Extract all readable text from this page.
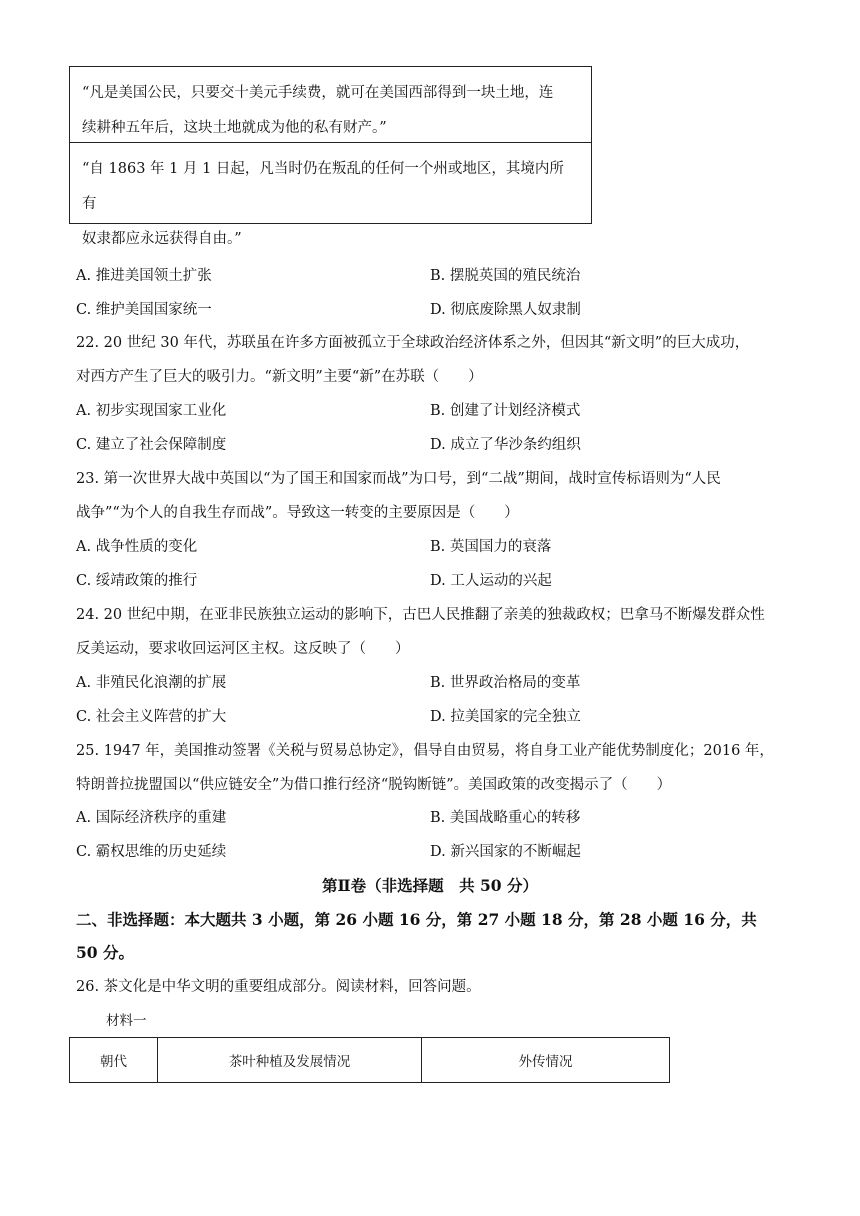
“凡是美国公民，只要交十美元手续费，就可在美国西部得到一块土地，连
续耕种五年后，这块土地就成为他的私有财产。”
“自 1863 年 1 月 1 日起，凡当时仍在叛乱的任何一个州或地区，其境内所有
奴隶都应永远获得自由。”
A. 推进美国领土扩张	B. 摆脱英国的殖民统治
C. 维护美国国家统一	D. 彻底废除黑人奴隶制
22. 20 世纪 30 年代，苏联虽在许多方面被孤立于全球政治经济体系之外，但因其“新文明”的巨大成功，
对西方产生了巨大的吸引力。“新文明”主要“新”在苏联（　　）
A. 初步实现国家工业化	B. 创建了计划经济模式
C. 建立了社会保障制度	D. 成立了华沙条约组织
23. 第一次世界大战中英国以“为了国王和国家而战”为口号，到“二战”期间，战时宣传标语则为“人民
战争”“为个人的自我生存而战”。导致这一转变的主要原因是（　　）
A. 战争性质的变化	B. 英国国力的衰落
C. 绥靖政策的推行	D. 工人运动的兴起
24. 20 世纪中期，在亚非民族独立运动的影响下，古巴人民推翻了亲美的独裁政权；巴拿马不断爆发群众性
反美运动，要求收回运河区主权。这反映了（　　）
A. 非殖民化浪潮的扩展	B. 世界政治格局的变革
C. 社会主义阵营的扩大	D. 拉美国家的完全独立
25. 1947 年，美国推动签署《关税与贸易总协定》，倡导自由贸易，将自身工业产能优势制度化；2016 年，
特朗普拉拢盟国以“供应链安全”为借口推行经济“脱钩断链”。美国政策的改变揭示了（　　）
A. 国际经济秩序的重建	B. 美国战略重心的转移
C. 霸权思维的历史延续	D. 新兴国家的不断崛起
第Ⅱ卷（非选择题　共 50 分）
二、非选择题：本大题共 3 小题，第 26 小题 16 分，第 27 小题 18 分，第 28 小题 16 分，共
50 分。
26. 茶文化是中华文明的重要组成部分。阅读材料，回答问题。
材料一
朝代	茶叶种植及发展情况	外传情况
